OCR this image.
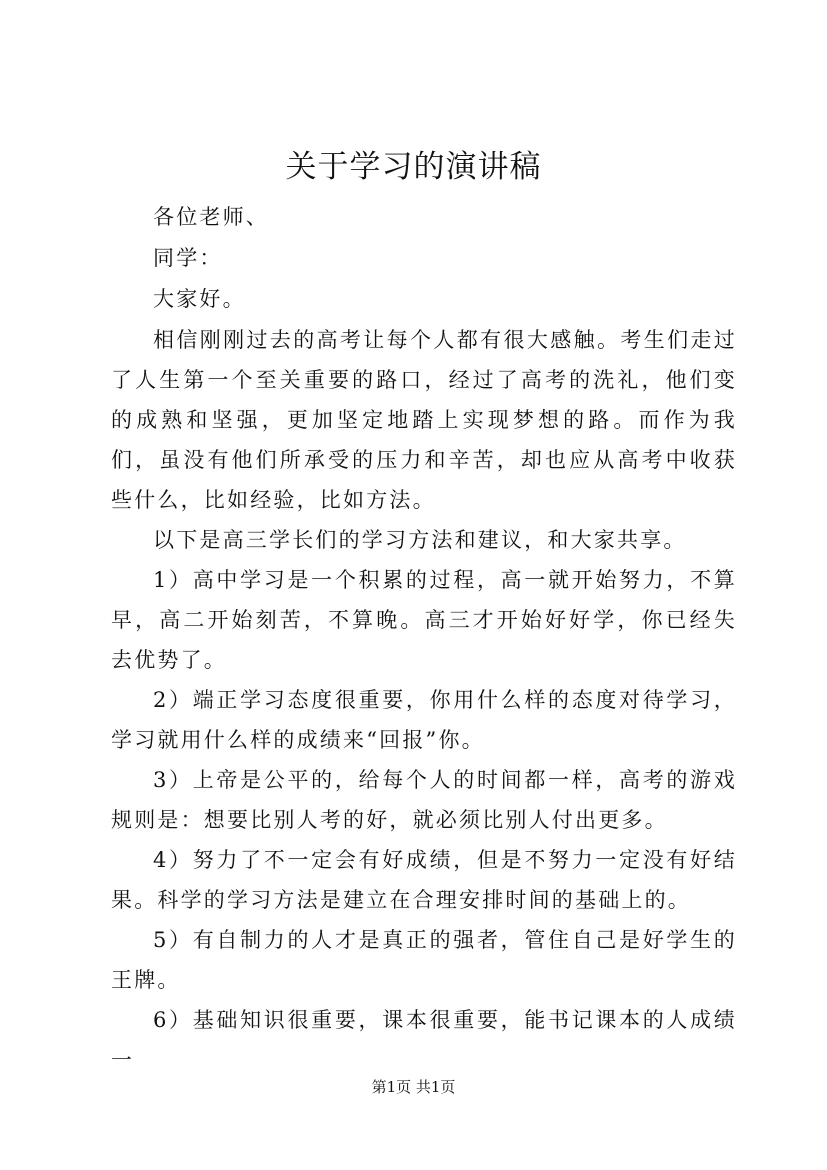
关于学习的演讲稿

各位老师、

同学：

大家好。

相信刚刚过去的高考让每个人都有很大感触。考生们走过了人生第一个至关重要的路口，经过了高考的洗礼，他们变的成熟和坚强，更加坚定地踏上实现梦想的路。而作为我们，虽没有他们所承受的压力和辛苦，却也应从高考中收获些什么，比如经验，比如方法。

以下是高三学长们的学习方法和建议，和大家共享。

1）高中学习是一个积累的过程，高一就开始努力，不算早，高二开始刻苦，不算晚。高三才开始好好学，你已经失去优势了。

2）端正学习态度很重要，你用什么样的态度对待学习，学习就用什么样的成绩来“回报”你。

3）上帝是公平的，给每个人的时间都一样，高考的游戏规则是：想要比别人考的好，就必须比别人付出更多。

4）努力了不一定会有好成绩，但是不努力一定没有好结果。科学的学习方法是建立在合理安排时间的基础上的。

5）有自制力的人才是真正的强者，管住自己是好学生的王牌。

6）基础知识很重要，课本很重要，能书记课本的人成绩一

第1页 共1页
